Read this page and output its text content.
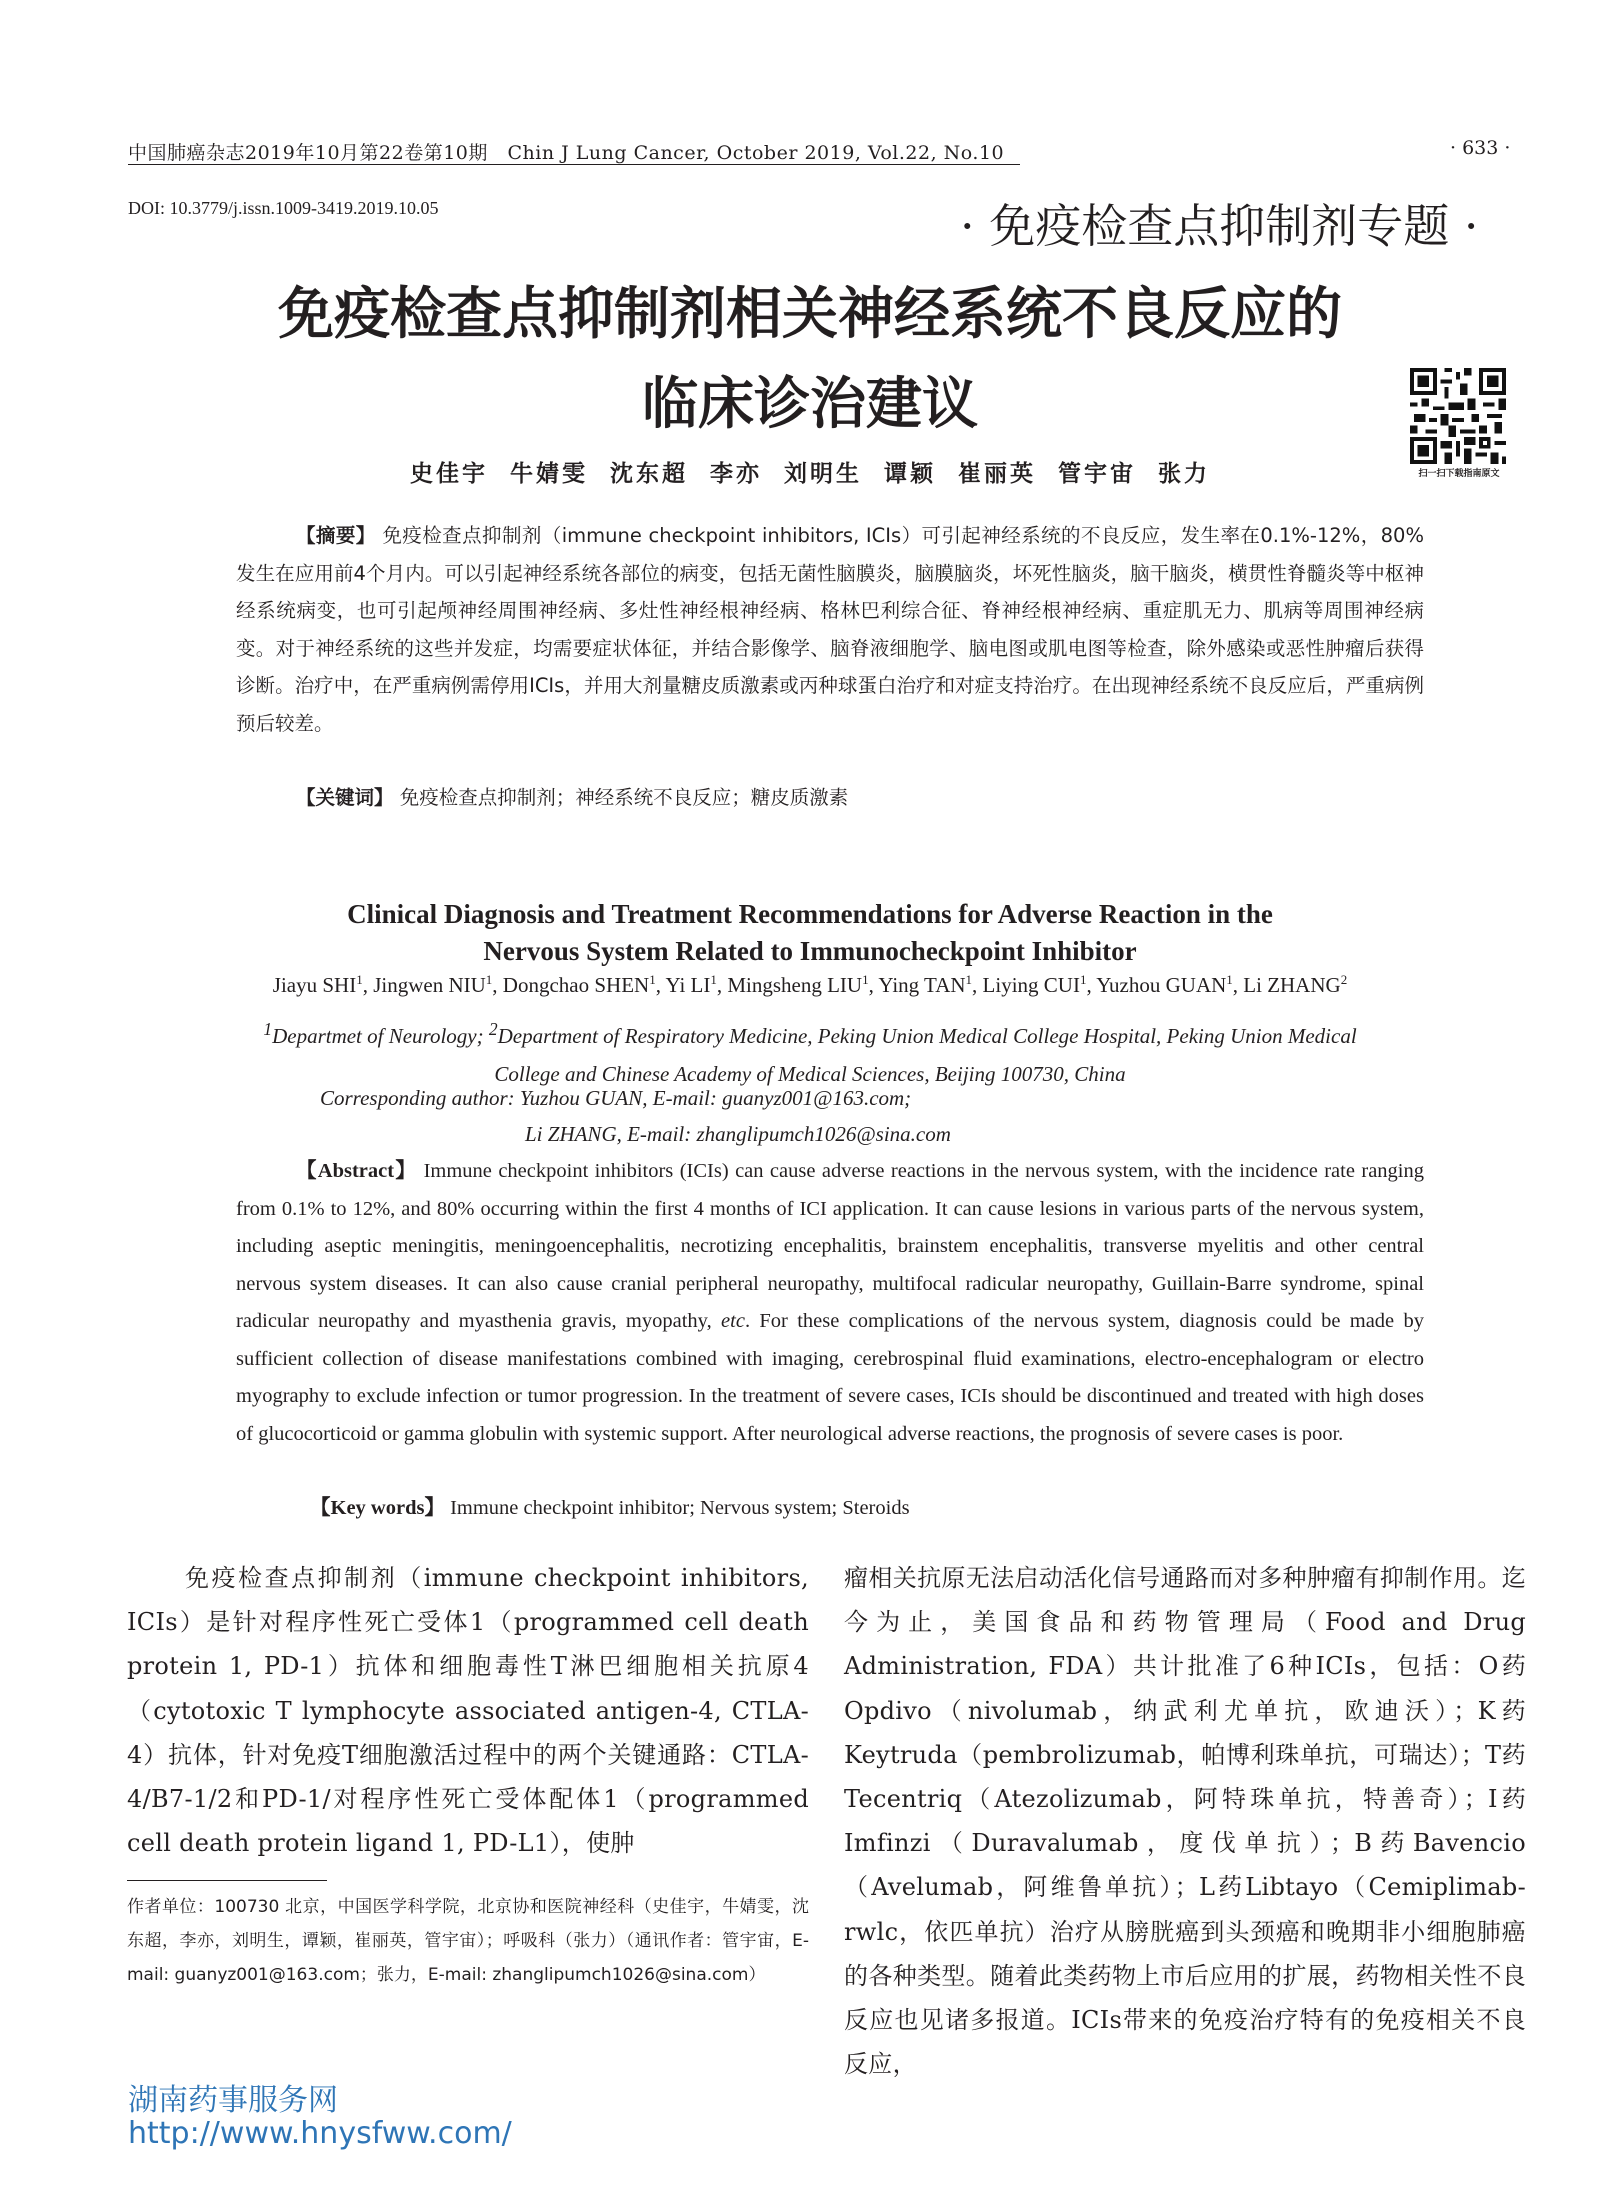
中国肺癌杂志2019年10月第22卷第10期   Chin J Lung Cancer, October 2019, Vol.22, No.10	· 633 ·
DOI: 10.3779/j.issn.1009-3419.2019.10.05	· 免疫检查点抑制剂专题 ·
免疫检查点抑制剂相关神经系统不良反应的
临床诊治建议
扫一扫下载指南原文
史佳宇  牛婧雯  沈东超  李亦  刘明生  谭颖  崔丽英  管宇宙  张力
【摘要】 免疫检查点抑制剂（immune checkpoint inhibitors, ICIs）可引起神经系统的不良反应，发生率在0.1%-12%，80%发生在应用前4个月内。可以引起神经系统各部位的病变，包括无菌性脑膜炎，脑膜脑炎，坏死性脑炎，脑干脑炎，横贯性脊髓炎等中枢神经系统病变，也可引起颅神经周围神经病、多灶性神经根神经病、格林巴利综合征、脊神经根神经病、重症肌无力、肌病等周围神经病变。对于神经系统的这些并发症，均需要症状体征，并结合影像学、脑脊液细胞学、脑电图或肌电图等检查，除外感染或恶性肿瘤后获得诊断。治疗中，在严重病例需停用ICIs，并用大剂量糖皮质激素或丙种球蛋白治疗和对症支持治疗。在出现神经系统不良反应后，严重病例预后较差。
【关键词】 免疫检查点抑制剂；神经系统不良反应；糖皮质激素
Clinical Diagnosis and Treatment Recommendations for Adverse Reaction in the
Nervous System Related to Immunocheckpoint Inhibitor
Jiayu SHI$^1$, Jingwen NIU$^1$, Dongchao SHEN$^1$, Yi $LI^1$, Mingsheng LIU$^1$, Ying TAN$^1$, Liying CUI$^1$, Yuzhou GUAN$^1$, Li ZHANG$^2$
$^1$Departmet of Neurology; $^2$Department of Respiratory Medicine, Peking Union Medical College Hospital, Peking Union Medical
College and Chinese Academy of Medical Sciences, Beijing 100730, China
Corresponding author: Yuzhou GUAN, E-mail: guanyz001@163.com;
Li ZHANG, E-mail: zhanglipumch1026@sina.com
【Abstract】 Immune checkpoint inhibitors (ICIs) can cause adverse reactions in the nervous system, with the incidence rate ranging from 0.1% to 12%, and 80% occurring within the first 4 months of ICI application. It can cause lesions in various parts of the nervous system, including aseptic meningitis, meningoencephalitis, necrotizing encephalitis, brainstem encephalitis, transverse myelitis and other central nervous system diseases. It can also cause cranial peripheral neuropathy, multifocal radicular neuropathy, Guillain-Barre syndrome, spinal radicular neuropathy and myasthenia gravis, myopathy, etc. For these complications of the nervous system, diagnosis could be made by sufficient collection of disease manifestations combined with imaging, cerebrospinal fluid examinations, electro-encephalogram or electro myography to exclude infection or tumor progression. In the treatment of severe cases, ICIs should be discontinued and treated with high doses of glucocorticoid or gamma globulin with systemic support. After neurological adverse reactions, the prognosis of severe cases is poor.
【Key words】 Immune checkpoint inhibitor; Nervous system; Steroids
免疫检查点抑制剂（immune checkpoint inhibitors, ICIs）是针对程序性死亡受体1（programmed cell death protein 1, PD-1）抗体和细胞毒性T淋巴细胞相关抗原4（cytotoxic T lymphocyte associated antigen-4, CTLA-4）抗体，针对免疫T细胞激活过程中的两个关键通路：CTLA-4/B7-1/2和PD-1/对程序性死亡受体配体1（programmed cell death protein ligand 1, PD-L1），使肿
瘤相关抗原无法启动活化信号通路而对多种肿瘤有抑制作用。迄今为止，美国食品和药物管理局（Food and Drug Administration, FDA）共计批准了6种ICIs，包括：O药Opdivo（nivolumab，纳武利尤单抗，欧迪沃）；K药Keytruda（pembrolizumab，帕博利珠单抗，可瑞达）；T药Tecentriq（Atezolizumab，阿特珠单抗，特善奇）；I药Imfinzi（Duravalumab，度伐单抗）；B药Bavencio（Avelumab，阿维鲁单抗）；L药Libtayo（Cemiplimab-rwlc，依匹单抗）治疗从膀胱癌到头颈癌和晚期非小细胞肺癌的各种类型。随着此类药物上市后应用的扩展，药物相关性不良反应也见诸多报道。ICIs带来的免疫治疗特有的免疫相关不良反应，
作者单位：100730 北京，中国医学科学院，北京协和医院神经科（史佳宇，牛婧雯，沈东超，李亦，刘明生，谭颖，崔丽英，管宇宙）；呼吸科（张力）（通讯作者：管宇宙，E-mail: guanyz001@163.com；张力，E-mail: zhanglipumch1026@sina.com）
湖南药事服务网
http://www.hnysfww.com/
